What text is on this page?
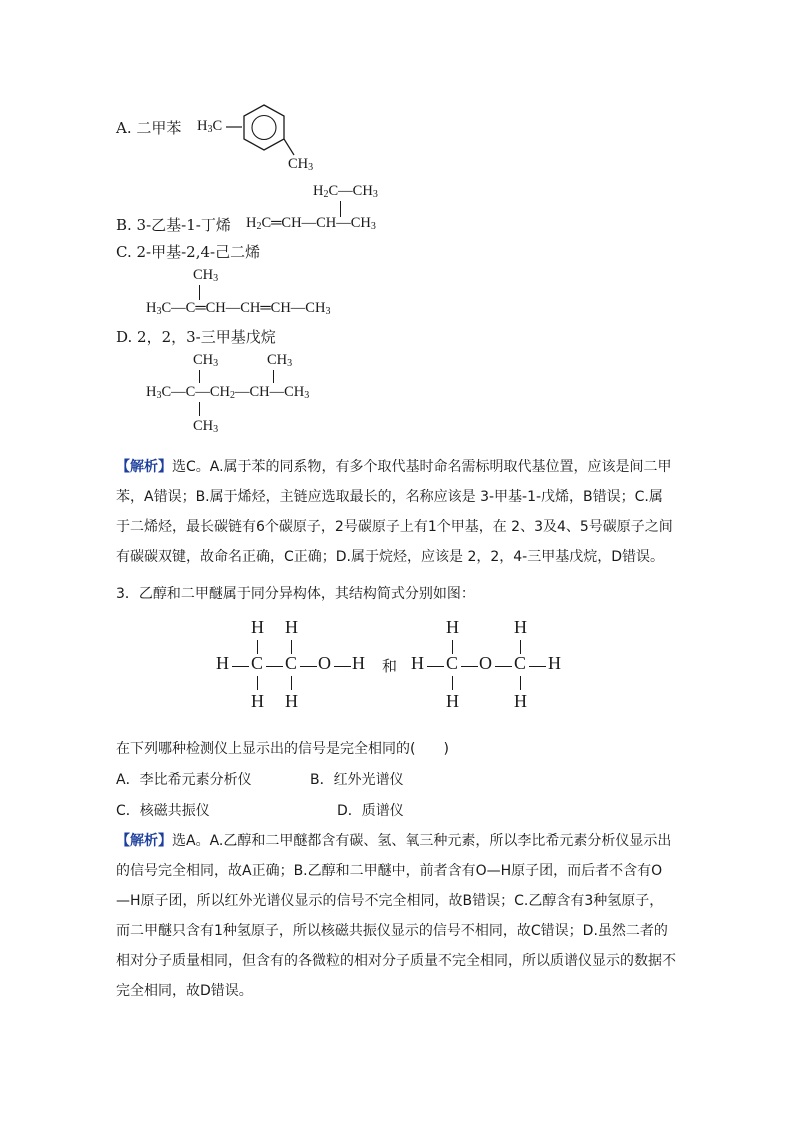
A. 二甲苯 $H_3C$
$CH_3$
$H_2C—CH_3$
B. 3-乙基-1-丁烯 $H_2C═CH—CH—CH_3$
C. 2-甲基-2,4-己二烯
$CH_3$
$H_3C—C═CH—CH═CH—CH_3$
D. 2，2，3-三甲基戊烷
$CH_3$	$CH_3$
$H_3C—C—CH_2—CH—CH_3$
$CH_3$

【解析】选C。A.属于苯的同系物，有多个取代基时命名需标明取代基位置，应该是间二甲苯，A错误；B.属于烯烃，主链应选取最长的，名称应该是 3-甲基-1-戊烯，B错误；C.属于二烯烃，最长碳链有6个碳原子，2号碳原子上有1个甲基，在 2、3及4、5号碳原子之间有碳碳双键，故命名正确，C正确；D.属于烷烃，应该是 2，2，4-三甲基戊烷，D错误。

3．乙醇和二甲醚属于同分异构体，其结构简式分别如图：
H H
H C C O H
H H
和
H	H
H C O C H
H	H
在下列哪种检测仪上显示出的信号是完全相同的(　　)
A．李比希元素分析仪	B．红外光谱仪
C．核磁共振仪	D．质谱仪

【解析】选A。A.乙醇和二甲醚都含有碳、氢、氧三种元素，所以李比希元素分析仪显示出的信号完全相同，故A正确；B.乙醇和二甲醚中，前者含有O—H原子团，而后者不含有O—H原子团，所以红外光谱仪显示的信号不完全相同，故B错误；C.乙醇含有3种氢原子，而二甲醚只含有1种氢原子，所以核磁共振仪显示的信号不相同，故C错误；D.虽然二者的相对分子质量相同，但含有的各微粒的相对分子质量不完全相同，所以质谱仪显示的数据不完全相同，故D错误。
